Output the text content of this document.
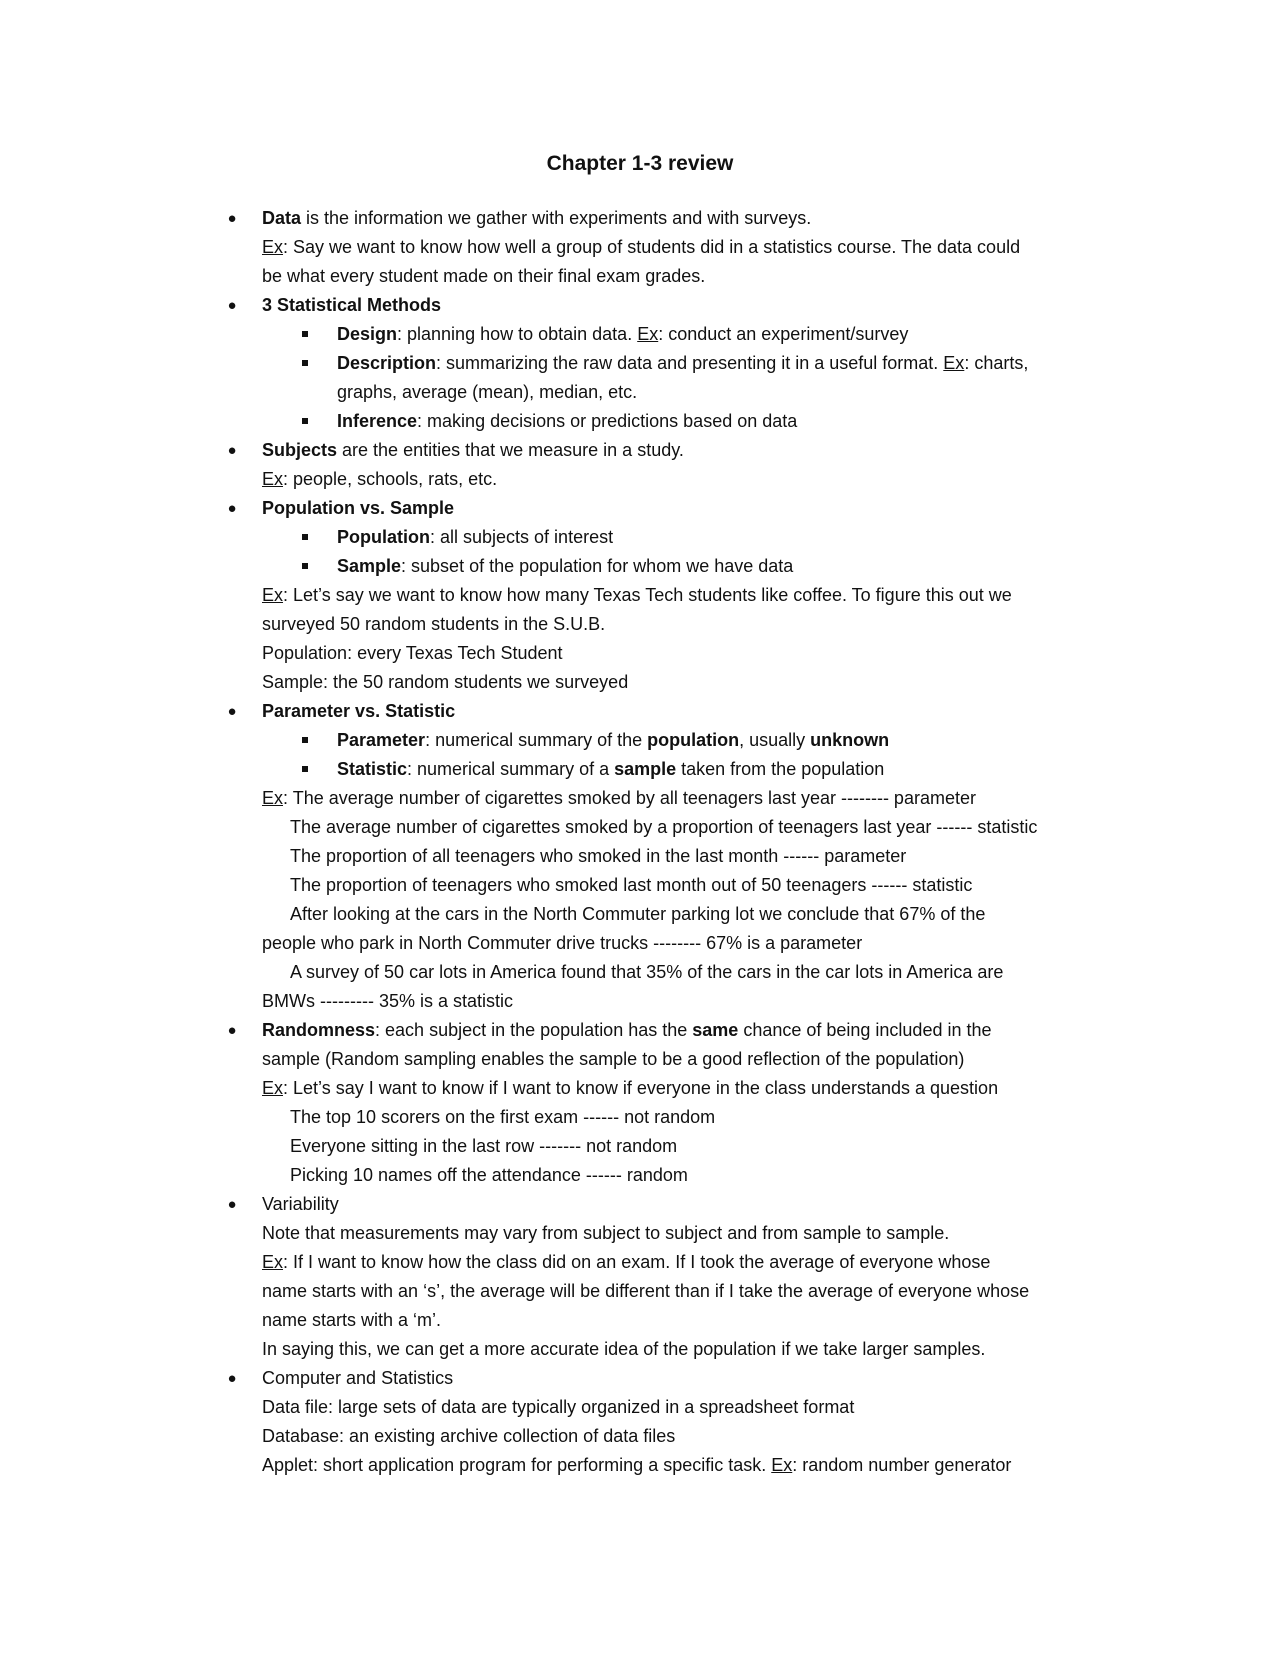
Chapter 1-3 review
● Data is the information we gather with experiments and with surveys.
Ex: Say we want to know how well a group of students did in a statistics course. The data could
be what every student made on their final exam grades.
● 3 Statistical Methods
Design: planning how to obtain data. Ex: conduct an experiment/survey
Description: summarizing the raw data and presenting it in a useful format. Ex: charts,
graphs, average (mean), median, etc.
Inference: making decisions or predictions based on data
● Subjects are the entities that we measure in a study.
Ex: people, schools, rats, etc.
● Population vs. Sample
Population: all subjects of interest
Sample: subset of the population for whom we have data
Ex: Let’s say we want to know how many Texas Tech students like coffee. To figure this out we
surveyed 50 random students in the S.U.B.
Population: every Texas Tech Student
Sample: the 50 random students we surveyed
● Parameter vs. Statistic
Parameter: numerical summary of the population, usually unknown
Statistic: numerical summary of a sample taken from the population
Ex: The average number of cigarettes smoked by all teenagers last year -------- parameter
The average number of cigarettes smoked by a proportion of teenagers last year ------ statistic
The proportion of all teenagers who smoked in the last month ------ parameter
The proportion of teenagers who smoked last month out of 50 teenagers ------ statistic
After looking at the cars in the North Commuter parking lot we conclude that 67% of the
people who park in North Commuter drive trucks -------- 67% is a parameter
A survey of 50 car lots in America found that 35% of the cars in the car lots in America are
BMWs --------- 35% is a statistic
● Randomness: each subject in the population has the same chance of being included in the
sample (Random sampling enables the sample to be a good reflection of the population)
Ex: Let’s say I want to know if I want to know if everyone in the class understands a question
The top 10 scorers on the first exam ------ not random
Everyone sitting in the last row ------- not random
Picking 10 names off the attendance ------ random
● Variability
Note that measurements may vary from subject to subject and from sample to sample.
Ex: If I want to know how the class did on an exam. If I took the average of everyone whose
name starts with an ‘s’, the average will be different than if I take the average of everyone whose
name starts with a ‘m’.
In saying this, we can get a more accurate idea of the population if we take larger samples.
● Computer and Statistics
Data file: large sets of data are typically organized in a spreadsheet format
Database: an existing archive collection of data files
Applet: short application program for performing a specific task. Ex: random number generator
